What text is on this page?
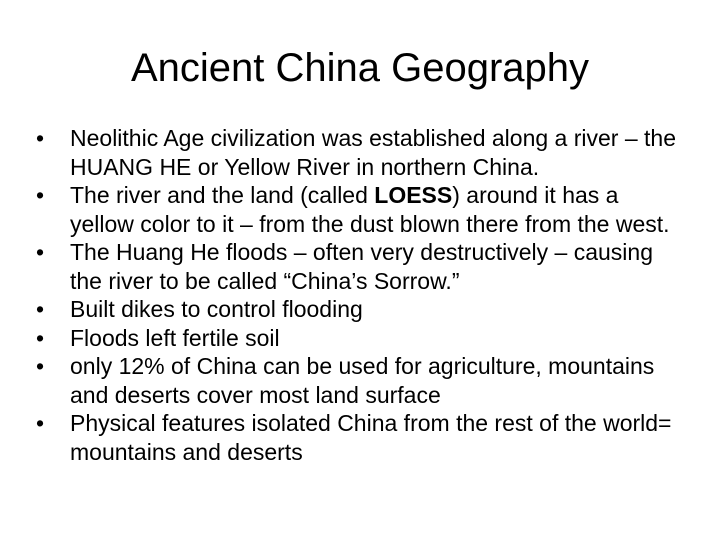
Ancient China Geography
•	Neolithic Age civilization was established along a river – the HUANG HE or Yellow River in northern China.
•	The river and the land (called LOESS) around it has a yellow color to it – from the dust blown there from the west.
•	The Huang He floods – often very destructively – causing the river to be called “China’s Sorrow.”
•	Built dikes to control flooding
•	Floods left fertile soil
•	only 12% of China can be used for agriculture, mountains and deserts cover most land surface
•	Physical features isolated China from the rest of the world= mountains and deserts
